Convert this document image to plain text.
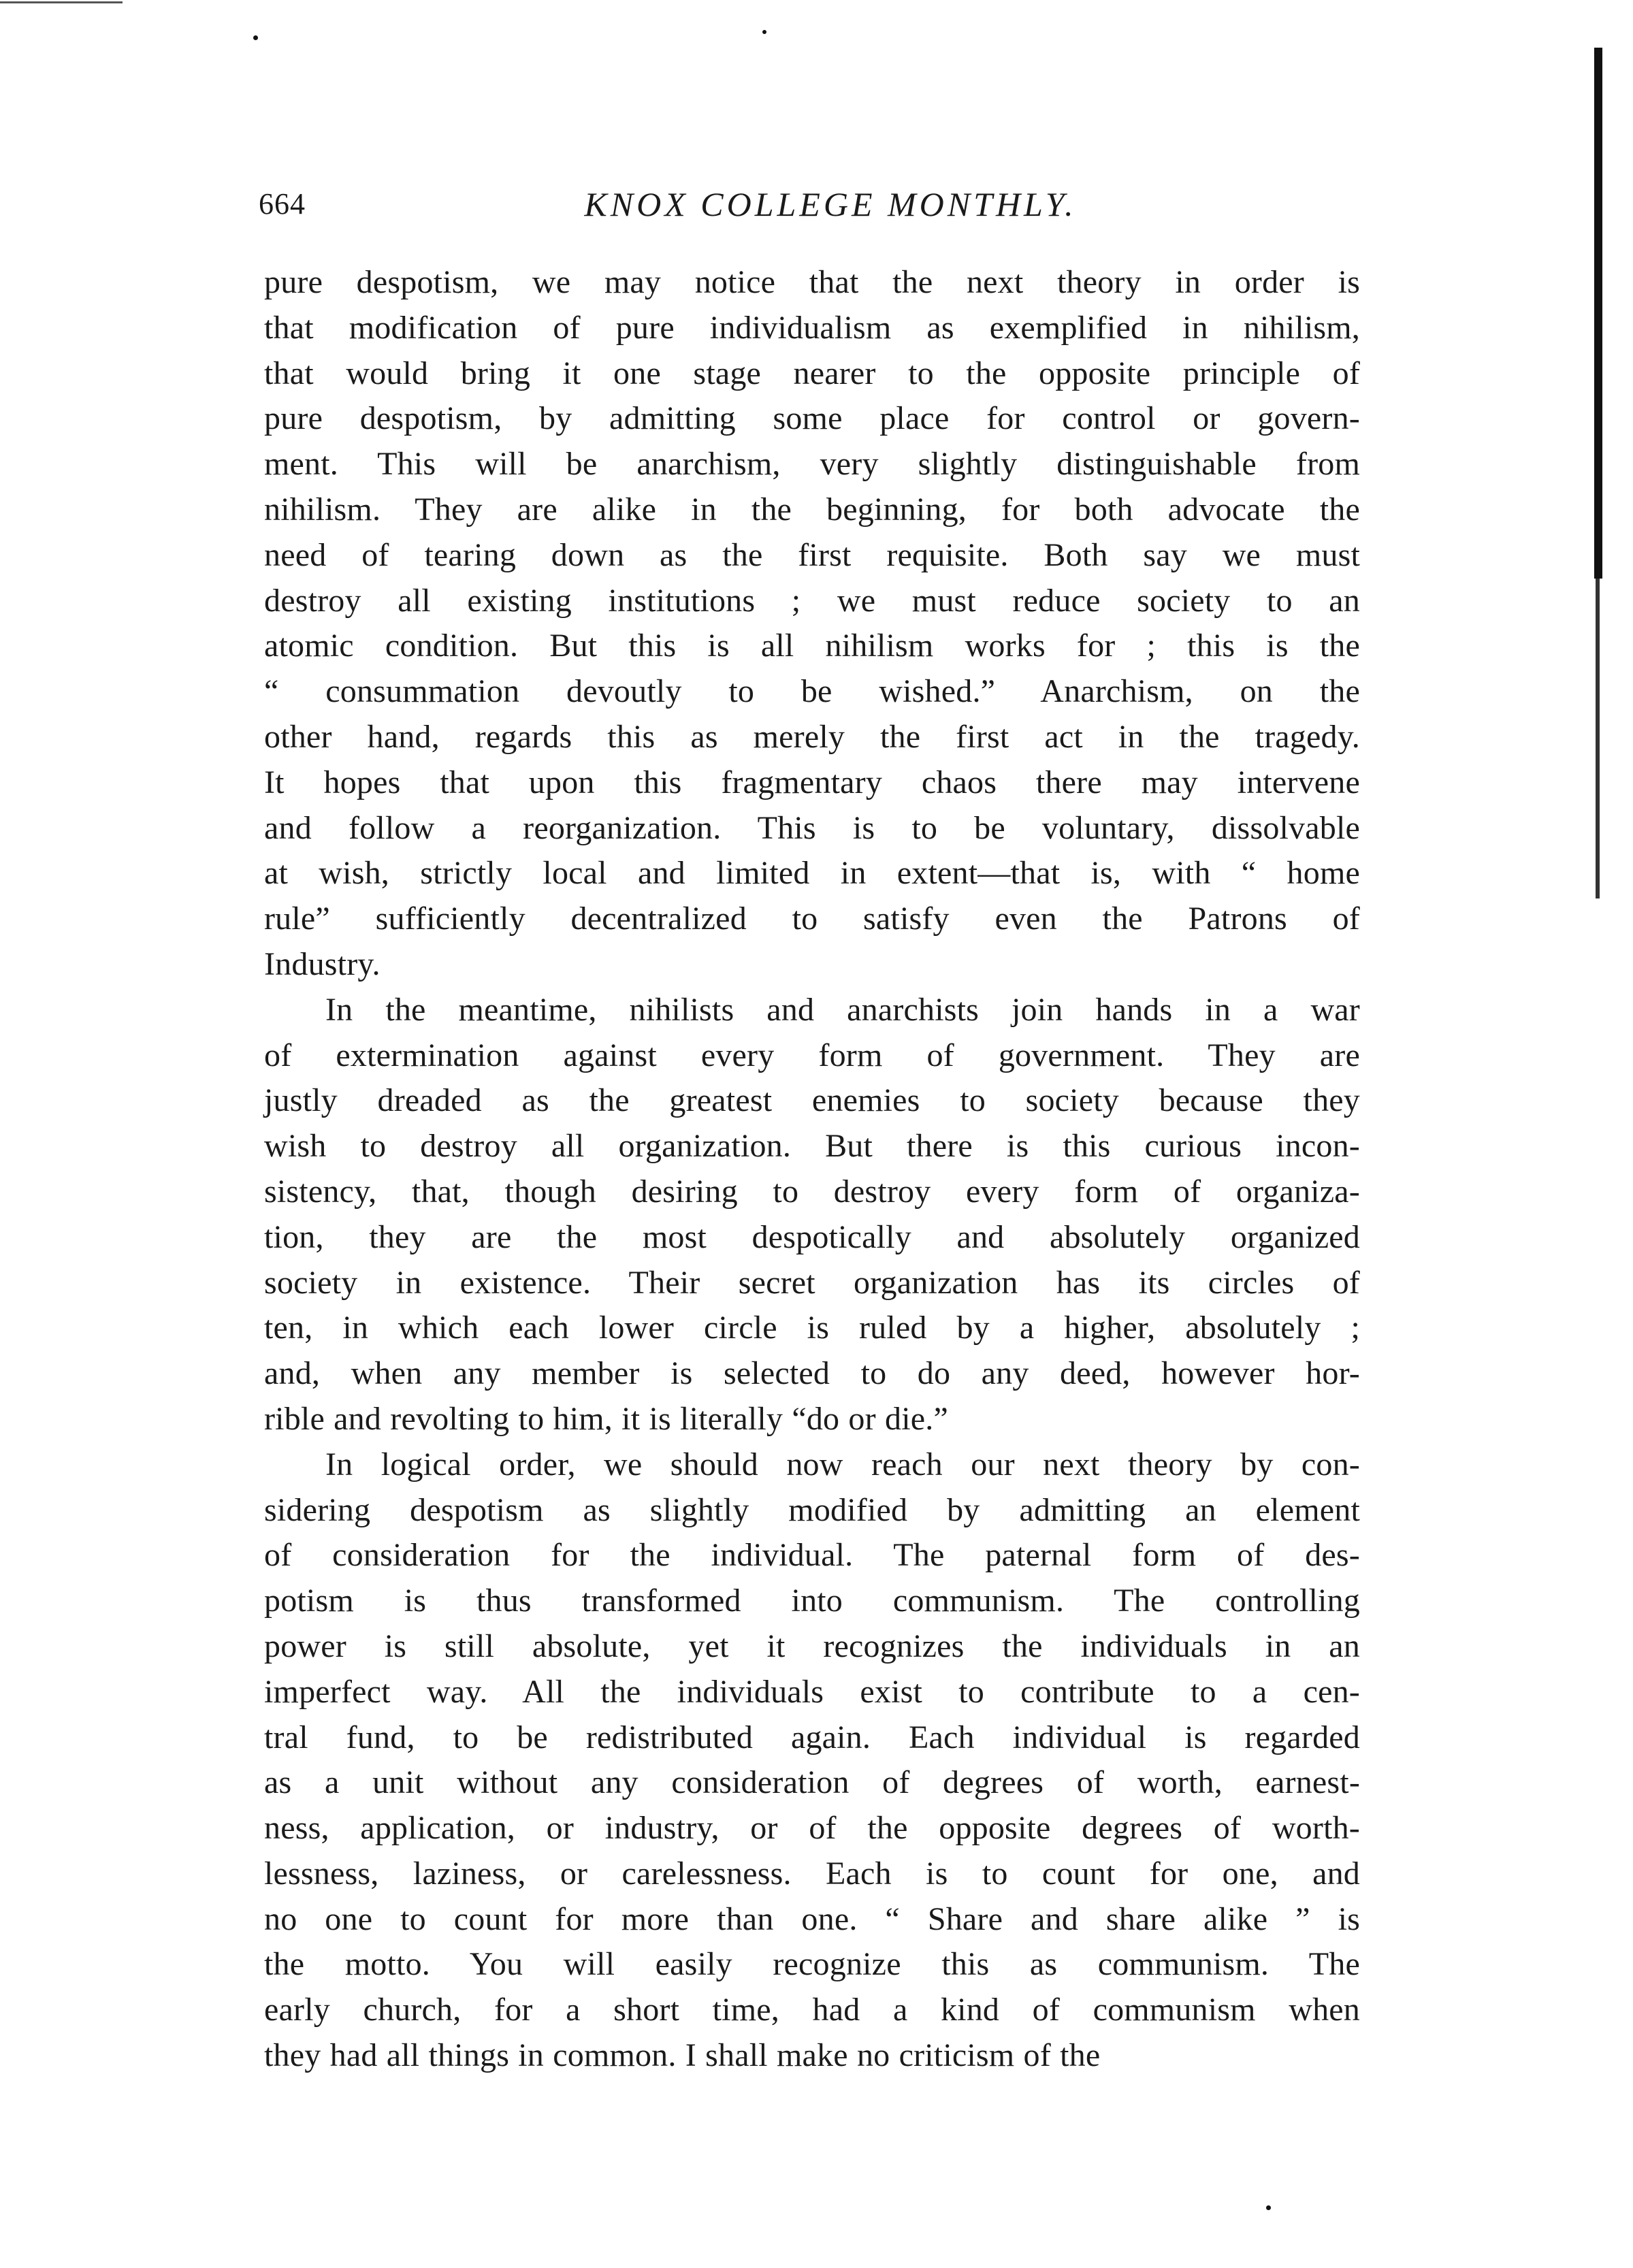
664	KNOX COLLEGE MONTHLY.

pure despotism, we may notice that the next theory in order is
that modification of pure individualism as exemplified in nihilism,
that would bring it one stage nearer to the opposite principle of
pure despotism, by admitting some place for control or govern-
ment. This will be anarchism, very slightly distinguishable from
nihilism. They are alike in the beginning, for both advocate the
need of tearing down as the first requisite. Both say we must
destroy all existing institutions ; we must reduce society to an
atomic condition. But this is all nihilism works for ; this is the
“ consummation devoutly to be wished.” Anarchism, on the
other hand, regards this as merely the first act in the tragedy.
It hopes that upon this fragmentary chaos there may intervene
and follow a reorganization. This is to be voluntary, dissolvable
at wish, strictly local and limited in extent—that is, with “ home
rule” sufficiently decentralized to satisfy even the Patrons of
Industry.

In the meantime, nihilists and anarchists join hands in a war
of extermination against every form of government. They are
justly dreaded as the greatest enemies to society because they
wish to destroy all organization. But there is this curious incon-
sistency, that, though desiring to destroy every form of organiza-
tion, they are the most despotically and absolutely organized
society in existence. Their secret organization has its circles of
ten, in which each lower circle is ruled by a higher, absolutely ;
and, when any member is selected to do any deed, however hor-
rible and revolting to him, it is literally “do or die.”

In logical order, we should now reach our next theory by con-
sidering despotism as slightly modified by admitting an element
of consideration for the individual. The paternal form of des-
potism is thus transformed into communism. The controlling
power is still absolute, yet it recognizes the individuals in an
imperfect way. All the individuals exist to contribute to a cen-
tral fund, to be redistributed again. Each individual is regarded
as a unit without any consideration of degrees of worth, earnest-
ness, application, or industry, or of the opposite degrees of worth-
lessness, laziness, or carelessness. Each is to count for one, and
no one to count for more than one. “ Share and share alike ” is
the motto. You will easily recognize this as communism. The
early church, for a short time, had a kind of communism when
they had all things in common. I shall make no criticism of the
